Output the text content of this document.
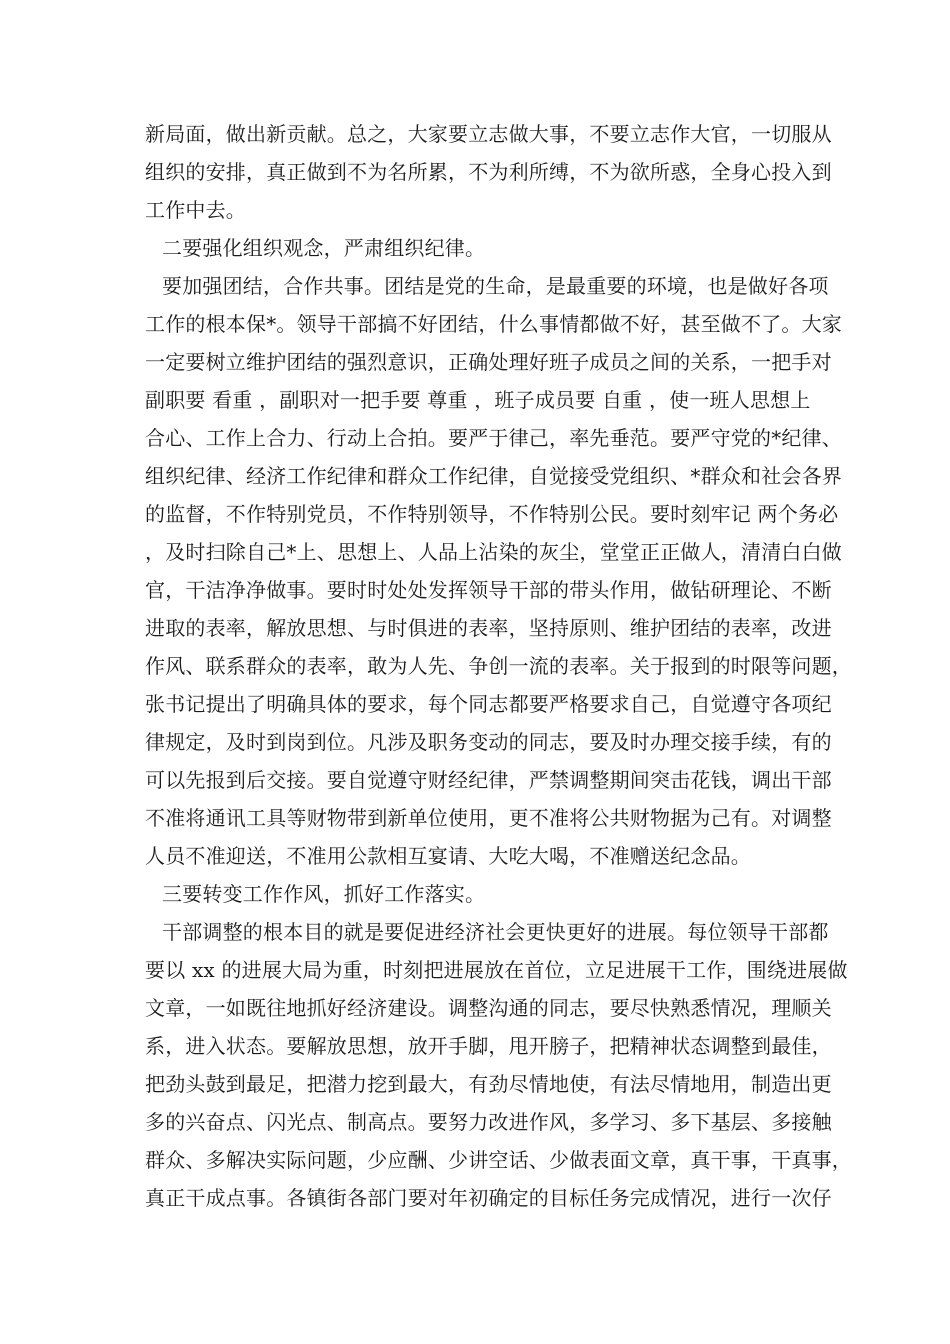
新局面，做出新贡献。总之，大家要立志做大事，不要立志作大官，一切服从
组织的安排，真正做到不为名所累，不为利所缚，不为欲所惑，全身心投入到
工作中去。
二要强化组织观念，严肃组织纪律。
要加强团结，合作共事。团结是党的生命，是最重要的环境，也是做好各项
工作的根本保*。领导干部搞不好团结，什么事情都做不好，甚至做不了。大家
一定要树立维护团结的强烈意识，正确处理好班子成员之间的关系，一把手对
副职要 看重 ，副职对一把手要 尊重 ，班子成员要 自重 ，使一班人思想上
合心、工作上合力、行动上合拍。要严于律己，率先垂范。要严守党的*纪律、
组织纪律、经济工作纪律和群众工作纪律，自觉接受党组织、*群众和社会各界
的监督，不作特别党员，不作特别领导，不作特别公民。要时刻牢记 两个务必
，及时扫除自己*上、思想上、人品上沾染的灰尘，堂堂正正做人，清清白白做
官，干洁净净做事。要时时处处发挥领导干部的带头作用，做钻研理论、不断
进取的表率，解放思想、与时俱进的表率，坚持原则、维护团结的表率，改进
作风、联系群众的表率，敢为人先、争创一流的表率。关于报到的时限等问题，
张书记提出了明确具体的要求，每个同志都要严格要求自己，自觉遵守各项纪
律规定，及时到岗到位。凡涉及职务变动的同志，要及时办理交接手续，有的
可以先报到后交接。要自觉遵守财经纪律，严禁调整期间突击花钱，调出干部
不准将通讯工具等财物带到新单位使用，更不准将公共财物据为己有。对调整
人员不准迎送，不准用公款相互宴请、大吃大喝，不准赠送纪念品。
三要转变工作作风，抓好工作落实。
干部调整的根本目的就是要促进经济社会更快更好的进展。每位领导干部都
要以 xx 的进展大局为重，时刻把进展放在首位，立足进展干工作，围绕进展做
文章，一如既往地抓好经济建设。调整沟通的同志，要尽快熟悉情况，理顺关
系，进入状态。要解放思想，放开手脚，甩开膀子，把精神状态调整到最佳，
把劲头鼓到最足，把潜力挖到最大，有劲尽情地使，有法尽情地用，制造出更
多的兴奋点、闪光点、制高点。要努力改进作风，多学习、多下基层、多接触
群众、多解决实际问题，少应酬、少讲空话、少做表面文章，真干事，干真事，
真正干成点事。各镇街各部门要对年初确定的目标任务完成情况，进行一次仔
